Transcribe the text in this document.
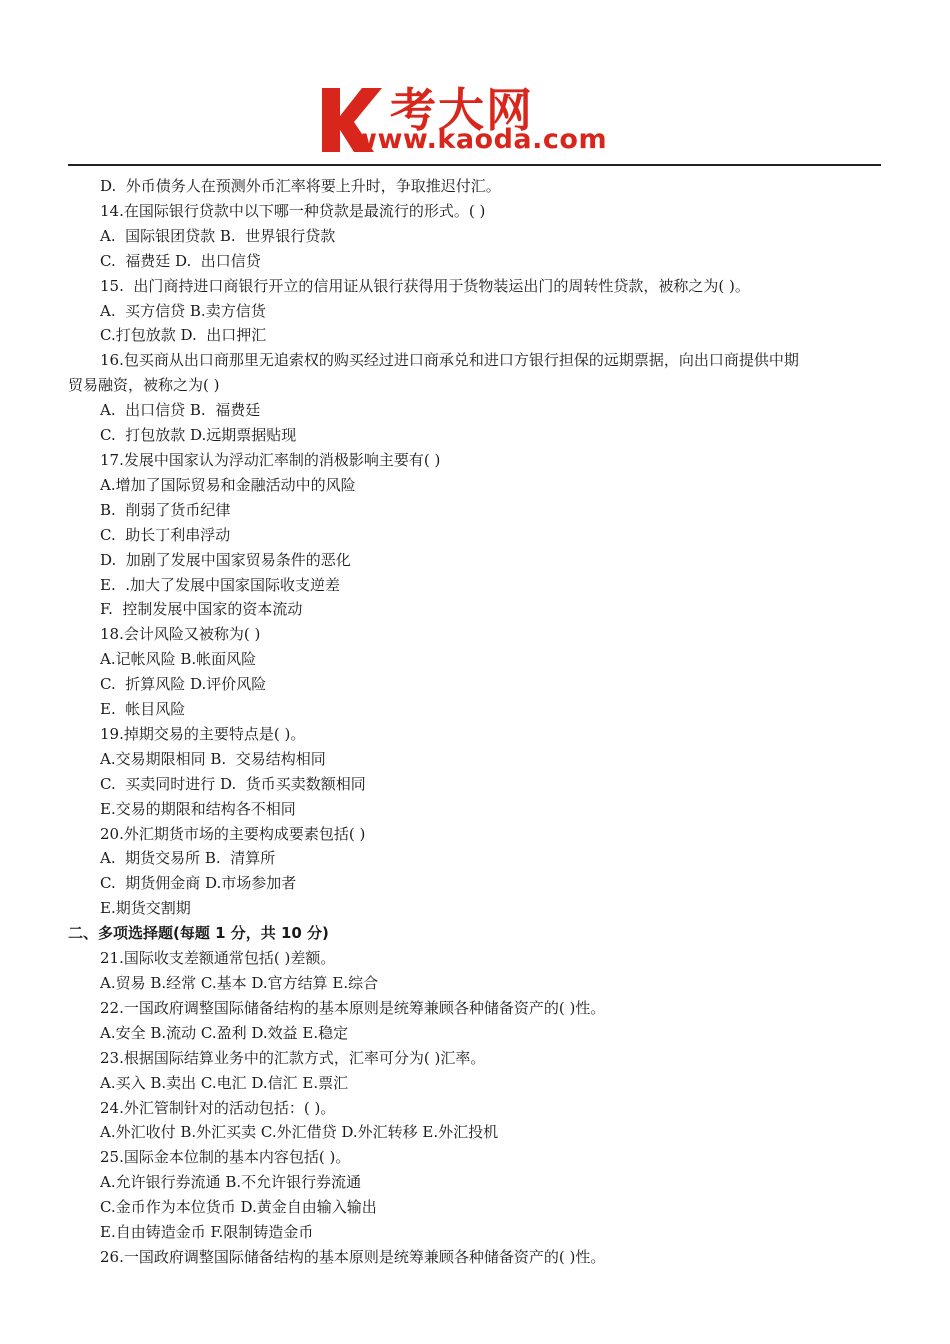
考大网
www.kaoda.com
D.  外币债务人在预测外币汇率将要上升时，争取推迟付汇。
14.在国际银行贷款中以下哪一种贷款是最流行的形式。( )
A.  国际银团贷款 B.  世界银行贷款
C.  福费廷 D.  出口信贷
15.  出门商持进口商银行开立的信用证从银行获得用于货物装运出门的周转性贷款，被称之为( )。
A.  买方信贷 B.卖方信货
C.打包放款 D.  出口押汇
16.包买商从出口商那里无追索权的购买经过进口商承兑和进口方银行担保的远期票据，向出口商提供中期
贸易融资，被称之为( )
A.  出口信贷 B.  福费廷
C.  打包放款 D.远期票据贴现
17.发展中国家认为浮动汇率制的消极影响主要有( )
A.增加了国际贸易和金融活动中的风险
B.  削弱了货币纪律
C.  助长丁利串浮动
D.  加剧了发展中国家贸易条件的恶化
E.  .加大了发展中国家国际收支逆差
F.  控制发展中国家的资本流动
18.会计风险又被称为( )
A.记帐风险 B.帐面风险
C.  折算风险 D.评价风险
E.  帐目风险
19.掉期交易的主要特点是( )。
A.交易期限相同 B.  交易结构相同
C.  买卖同时进行 D.  货币买卖数额相同
E.交易的期限和结构各不相同
20.外汇期货市场的主要构成要素包括( )
A.  期货交易所 B.  清算所
C.  期货佣金商 D.市场参加者
E.期货交割期
二、多项选择题(每题 1 分，共 10 分)
21.国际收支差额通常包括( )差额。
A.贸易 B.经常 C.基本 D.官方结算 E.综合
22.一国政府调整国际储备结构的基本原则是统筹兼顾各种储备资产的( )性。
A.安全 B.流动 C.盈利 D.效益 E.稳定
23.根据国际结算业务中的汇款方式，汇率可分为( )汇率。
A.买入 B.卖出 C.电汇 D.信汇 E.票汇
24.外汇管制针对的活动包括：( )。
A.外汇收付 B.外汇买卖 C.外汇借贷 D.外汇转移 E.外汇投机
25.国际金本位制的基本内容包括( )。
A.允许银行券流通 B.不允许银行券流通
C.金币作为本位货币 D.黄金自由输入输出
E.自由铸造金币 F.限制铸造金币
26.一国政府调整国际储备结构的基本原则是统筹兼顾各种储备资产的( )性。
